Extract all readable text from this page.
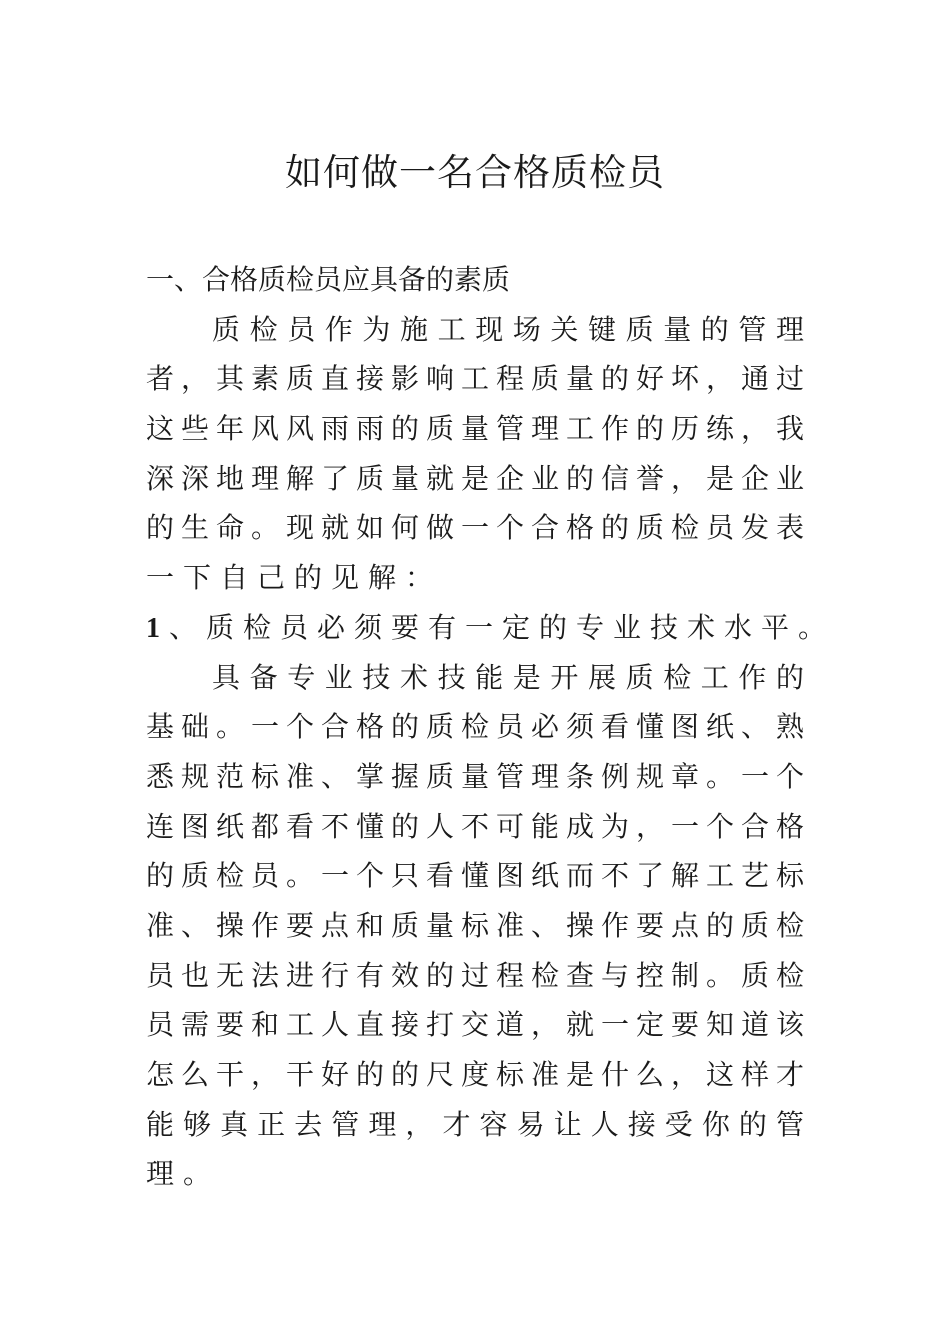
如何做一名合格质检员
一、合格质检员应具备的素质
质检员作为施工现场关键质量的管理
者，其素质直接影响工程质量的好坏，通过
这些年风风雨雨的质量管理工作的历练，我
深深地理解了质量就是企业的信誉，是企业
的生命。现就如何做一个合格的质检员发表
一下自己的见解：
1、质检员必须要有一定的专业技术水平。
具备专业技术技能是开展质检工作的
基础。一个合格的质检员必须看懂图纸、熟
悉规范标准、掌握质量管理条例规章。一个
连图纸都看不懂的人不可能成为，一个合格
的质检员。一个只看懂图纸而不了解工艺标
准、操作要点和质量标准、操作要点的质检
员也无法进行有效的过程检查与控制。质检
员需要和工人直接打交道，就一定要知道该
怎么干，干好的的尺度标准是什么，这样才
能够真正去管理，才容易让人接受你的管
理。
